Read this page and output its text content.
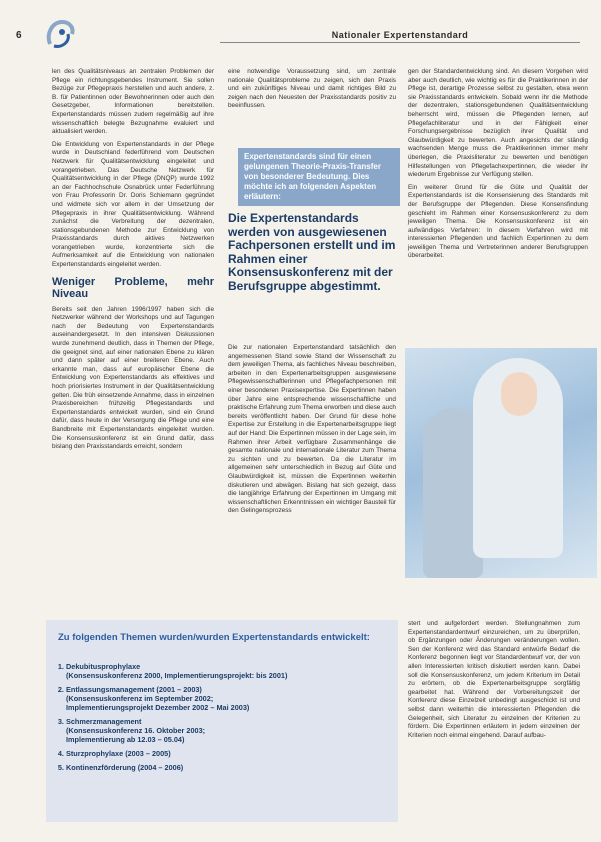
6	Nationaler Expertenstandard

len des Qualitätsniveaus an zentralen Problemen der Pflege ein richtungsgebendes Instrument. Sie sollen Bezüge zur Pflegepraxis herstellen und auch andere, z. B. für Patientinnen oder Bewohnerinnen oder auch den Gesetzgeber, Informationen bereitstellen. Expertenstandards müssen zudem regelmäßig auf ihre wissenschaftlich belegte Bezugnahme evaluiert und aktualisiert werden.

Die Entwicklung von Expertenstandards in der Pflege wurde in Deutschland federführend vom Deutschen Netzwerk für Qualitätsentwicklung eingeleitet und vorangetrieben. Das Deutsche Netzwerk für Qualitätsentwicklung in der Pflege (DNQP) wurde 1992 an der Fachhochschule Osnabrück unter Federführung von Frau Professorin Dr. Doris Schiemann gegründet und widmete sich vor allem in der Umsetzung der Pflegepraxis in ihrer Qualitätsentwicklung. Während zunächst die Verbreitung der dezentralen, stationsgebundenen Methode zur Entwicklung von Praxisstandards durch aktives Netzwerken vorangetrieben wurde, konzentrierte sich die Aufmerksamkeit auf die Entwicklung von nationalen Expertenstandards eingeleitet werden.

Weniger Probleme, mehr Niveau

Bereits seit den Jahren 1996/1997 haben sich die Netzwerker während der Workshops und auf Tagungen nach der Bedeutung von Expertenstandards auseinandergesetzt. In den intensiven Diskussionen wurde zunehmend deutlich, dass in Themen der Pflege, die geeignet sind, auf einer nationalen Ebene zu klären und dann später auf einer breiteren Ebene. Auch erkannte man, dass auf europäischer Ebene die Entwicklung von Expertenstandards als effektives und hoch priorisiertes Instrument in der Qualitätsentwicklung gelten. Die früh einsetzende Annahme, dass in einzelnen Praxisbereichen frühzeitig Pflegestandards und Expertenstandards entwickelt wurden, sind ein Grund dafür, dass heute in der Versorgung die Pflege und eine Bandbreite mit Expertenstandards eingeleitet wurden. Die Konsensuskonferenz ist ein Grund dafür, dass bislang den Praxisstandards erreicht, sondern

eine notwendige Voraussetzung sind, um zentrale nationale Qualitätsprobleme zu zeigen, sich den Praxis und ein zukünftiges Niveau und damit richtiges Bild zu zeigen nach den Neuesten der Praxisstandards positiv zu beeinflussen.

Expertenstandards sind für einen gelungenen Theorie-Praxis-Transfer von besonderer Bedeutung. Dies möchte ich an folgenden Aspekten erläutern:
Die Expertenstandards werden von ausgewiesenen Fachpersonen erstellt und im Rahmen einer Konsensuskonferenz mit der Berufsgruppe abgestimmt.

Die zur nationalen Expertenstandard tatsächlich den angemessenen Stand sowie Stand der Wissenschaft zu dem jeweiligen Thema, als fachliches Niveau beschreiben, arbeiten in den Expertenarbeitsgruppen ausgewiesene Pflegewissenschaftlerinnen und Pflegefachpersonen mit einer besonderen Praxisexpertise. Die Expertinnen haben über Jahre eine entsprechende wissenschaftliche und praktische Erfahrung zum Thema erworben und diese auch bereits veröffentlicht haben. Der Grund für diese hohe Expertise zur Erstellung in die Expertenarbeitsgruppe liegt auf der Hand: Die Expertinnen müssen in der Lage sein, im Rahmen ihrer Arbeit verfügbare Zusammenhänge die gesamte nationale und internationale Literatur zum Thema zu sichten und zu bewerten. Da die Literatur im allgemeinen sehr unterschiedlich in Bezug auf Güte und Glaubwürdigkeit ist, müssen die Expertinnen weiterhin diskutieren und abwägen. Bislang hat sich gezeigt, dass die langjährige Erfahrung der Expertinnen im Umgang mit wissenschaftlichen Erkenntnissen ein wichtiger Bausteil für den Gelingensprozess

gen der Standardentwicklung sind. An diesem Vorgehen wird aber auch deutlich, wie wichtig es für die Praktikerinnen in der Pflege ist, derartige Prozesse selbst zu gestalten, etwa wenn sie Praxisstandards entwickeln. Sobald wenn ihr die Methode der dezentralen, stationsgebundenen Qualitätsentwicklung beherrscht wird, müssen die Pflegenden lernen, auf Pflegefachliteratur und in der Fähigkeit einer Forschungsergebnisse bezüglich ihrer Qualität und Glaubwürdigkeit zu bewerten. Auch angesichts der ständig wachsenden Menge muss die Praktikerinnen immer mehr überlegen, die Praxisliteratur zu bewerten und benötigen Hilfestellungen von Pflegefachexpertinnen, die wieder ihr wiederum Ergebnisse zur Verfügung stellen.

Ein weiterer Grund für die Güte und Qualität der Expertenstandards ist die Konsensierung des Standards mit der Berufsgruppe der Pflegenden. Diese Konsensfindung geschieht im Rahmen einer Konsensuskonferenz zu dem jeweiligen Thema. Die Konsensuskonferenz ist ein aufwändiges Verfahren: In diesem Verfahren wird mit interessierten Pflegenden und fachlich Expertinnen zu dem jeweiligen Thema und Vertreterinnen anderer Berufsgruppen überarbeitet.

stert und aufgefordert werden. Stellungnahmen zum Expertenstandardentwurf einzureichen, um zu überprüfen, ob Ergänzungen oder Änderungen veränderungen wollen. Sen der Konferenz wird das Standard entwürfe Bedarf die Konferenz begonnen liegt vor Standardentwurf vor, der von allen Interessierten kritisch diskutiert werden kann. Dabei soll die Konsensuskonferenz, um jedem Kriterium im Detail zu erörtern, ob die Expertenarbeitsgruppe sorgfältig gearbeitet hat. Während der Vorbereitungszeit der Konferenz diese Einzelzeit unbedingt ausgeschickt ist und selbst dann weiterhin die interessierten Pflegenden die Gelegenheit, sich Literatur zu einzelnen der Kriterien zu fördern. Die Expertinnen erläutern in jedem einzelnen der Kriterien noch einmal eingehend. Darauf aufbau-

1. Dekubitusprophylaxe
(Konsensuskonferenz 2000, Implementierungsprojekt: bis 2001)
2. Entlassungsmanagement (2001 – 2003)
(Konsensuskonferenz im September 2002;
Implementierungsprojekt Dezember 2002 – Mai 2003)
3. Schmerzmanagement
(Konsensuskonferenz 16. Oktober 2003;
Implementierung ab 12.03 – 05.04)
4. Sturzprophylaxe (2003 – 2005)
5. Kontinenzförderung (2004 – 2006)
Zu folgenden Themen wurden/wurden Expertenstandards entwickelt:
